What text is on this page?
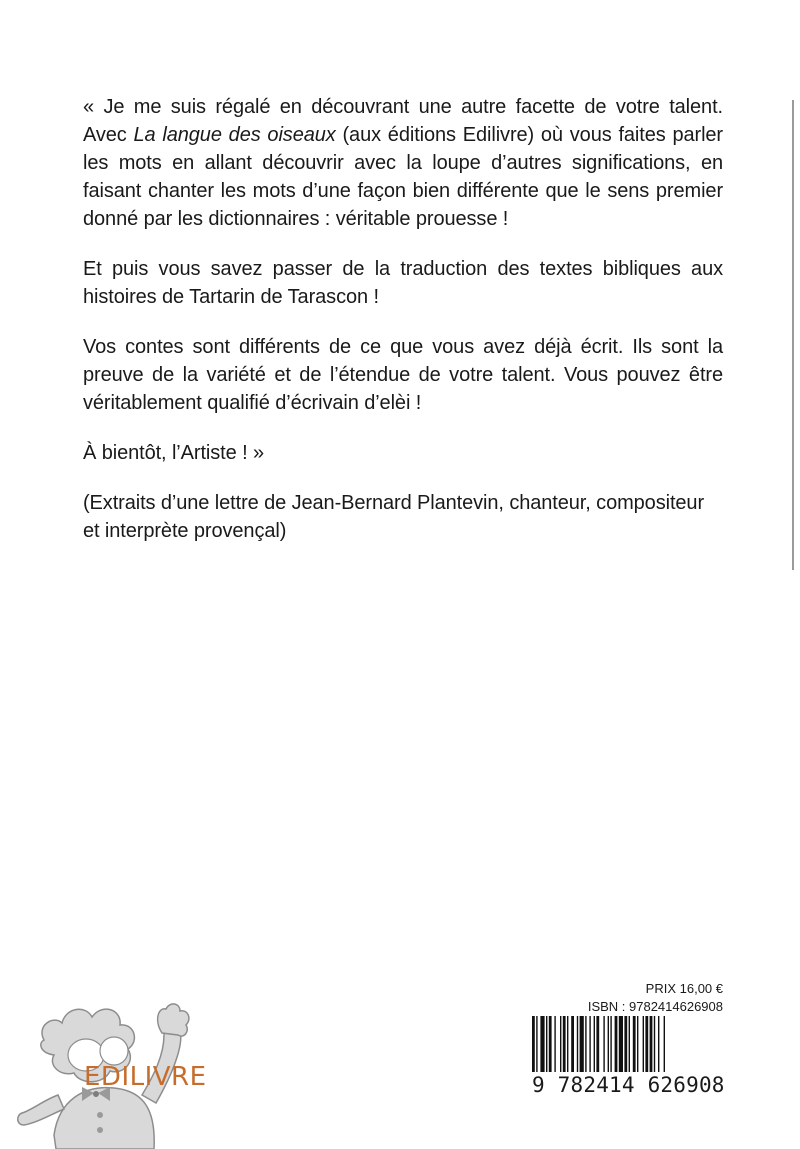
« Je me suis régalé en découvrant une autre facette de votre talent. Avec La langue des oiseaux (aux éditions Edilivre) où vous faites parler les mots en allant découvrir avec la loupe d’autres significations, en faisant chanter les mots d’une façon bien différente que le sens premier donné par les dictionnaires : véritable prouesse !

Et puis vous savez passer de la traduction des textes bibliques aux histoires de Tartarin de Tarascon !

Vos contes sont différents de ce que vous avez déjà écrit. Ils sont la preuve de la variété et de l’étendue de votre talent. Vous pouvez être véritablement qualifié d’écrivain d’elèi !

À bientôt, l’Artiste ! »

(Extraits d’une lettre de Jean-Bernard Plantevin, chanteur, compositeur et interprète provençal)

EDILIVRE
PRIX 16,00 €
ISBN : 9782414626908
9 782414 626908
